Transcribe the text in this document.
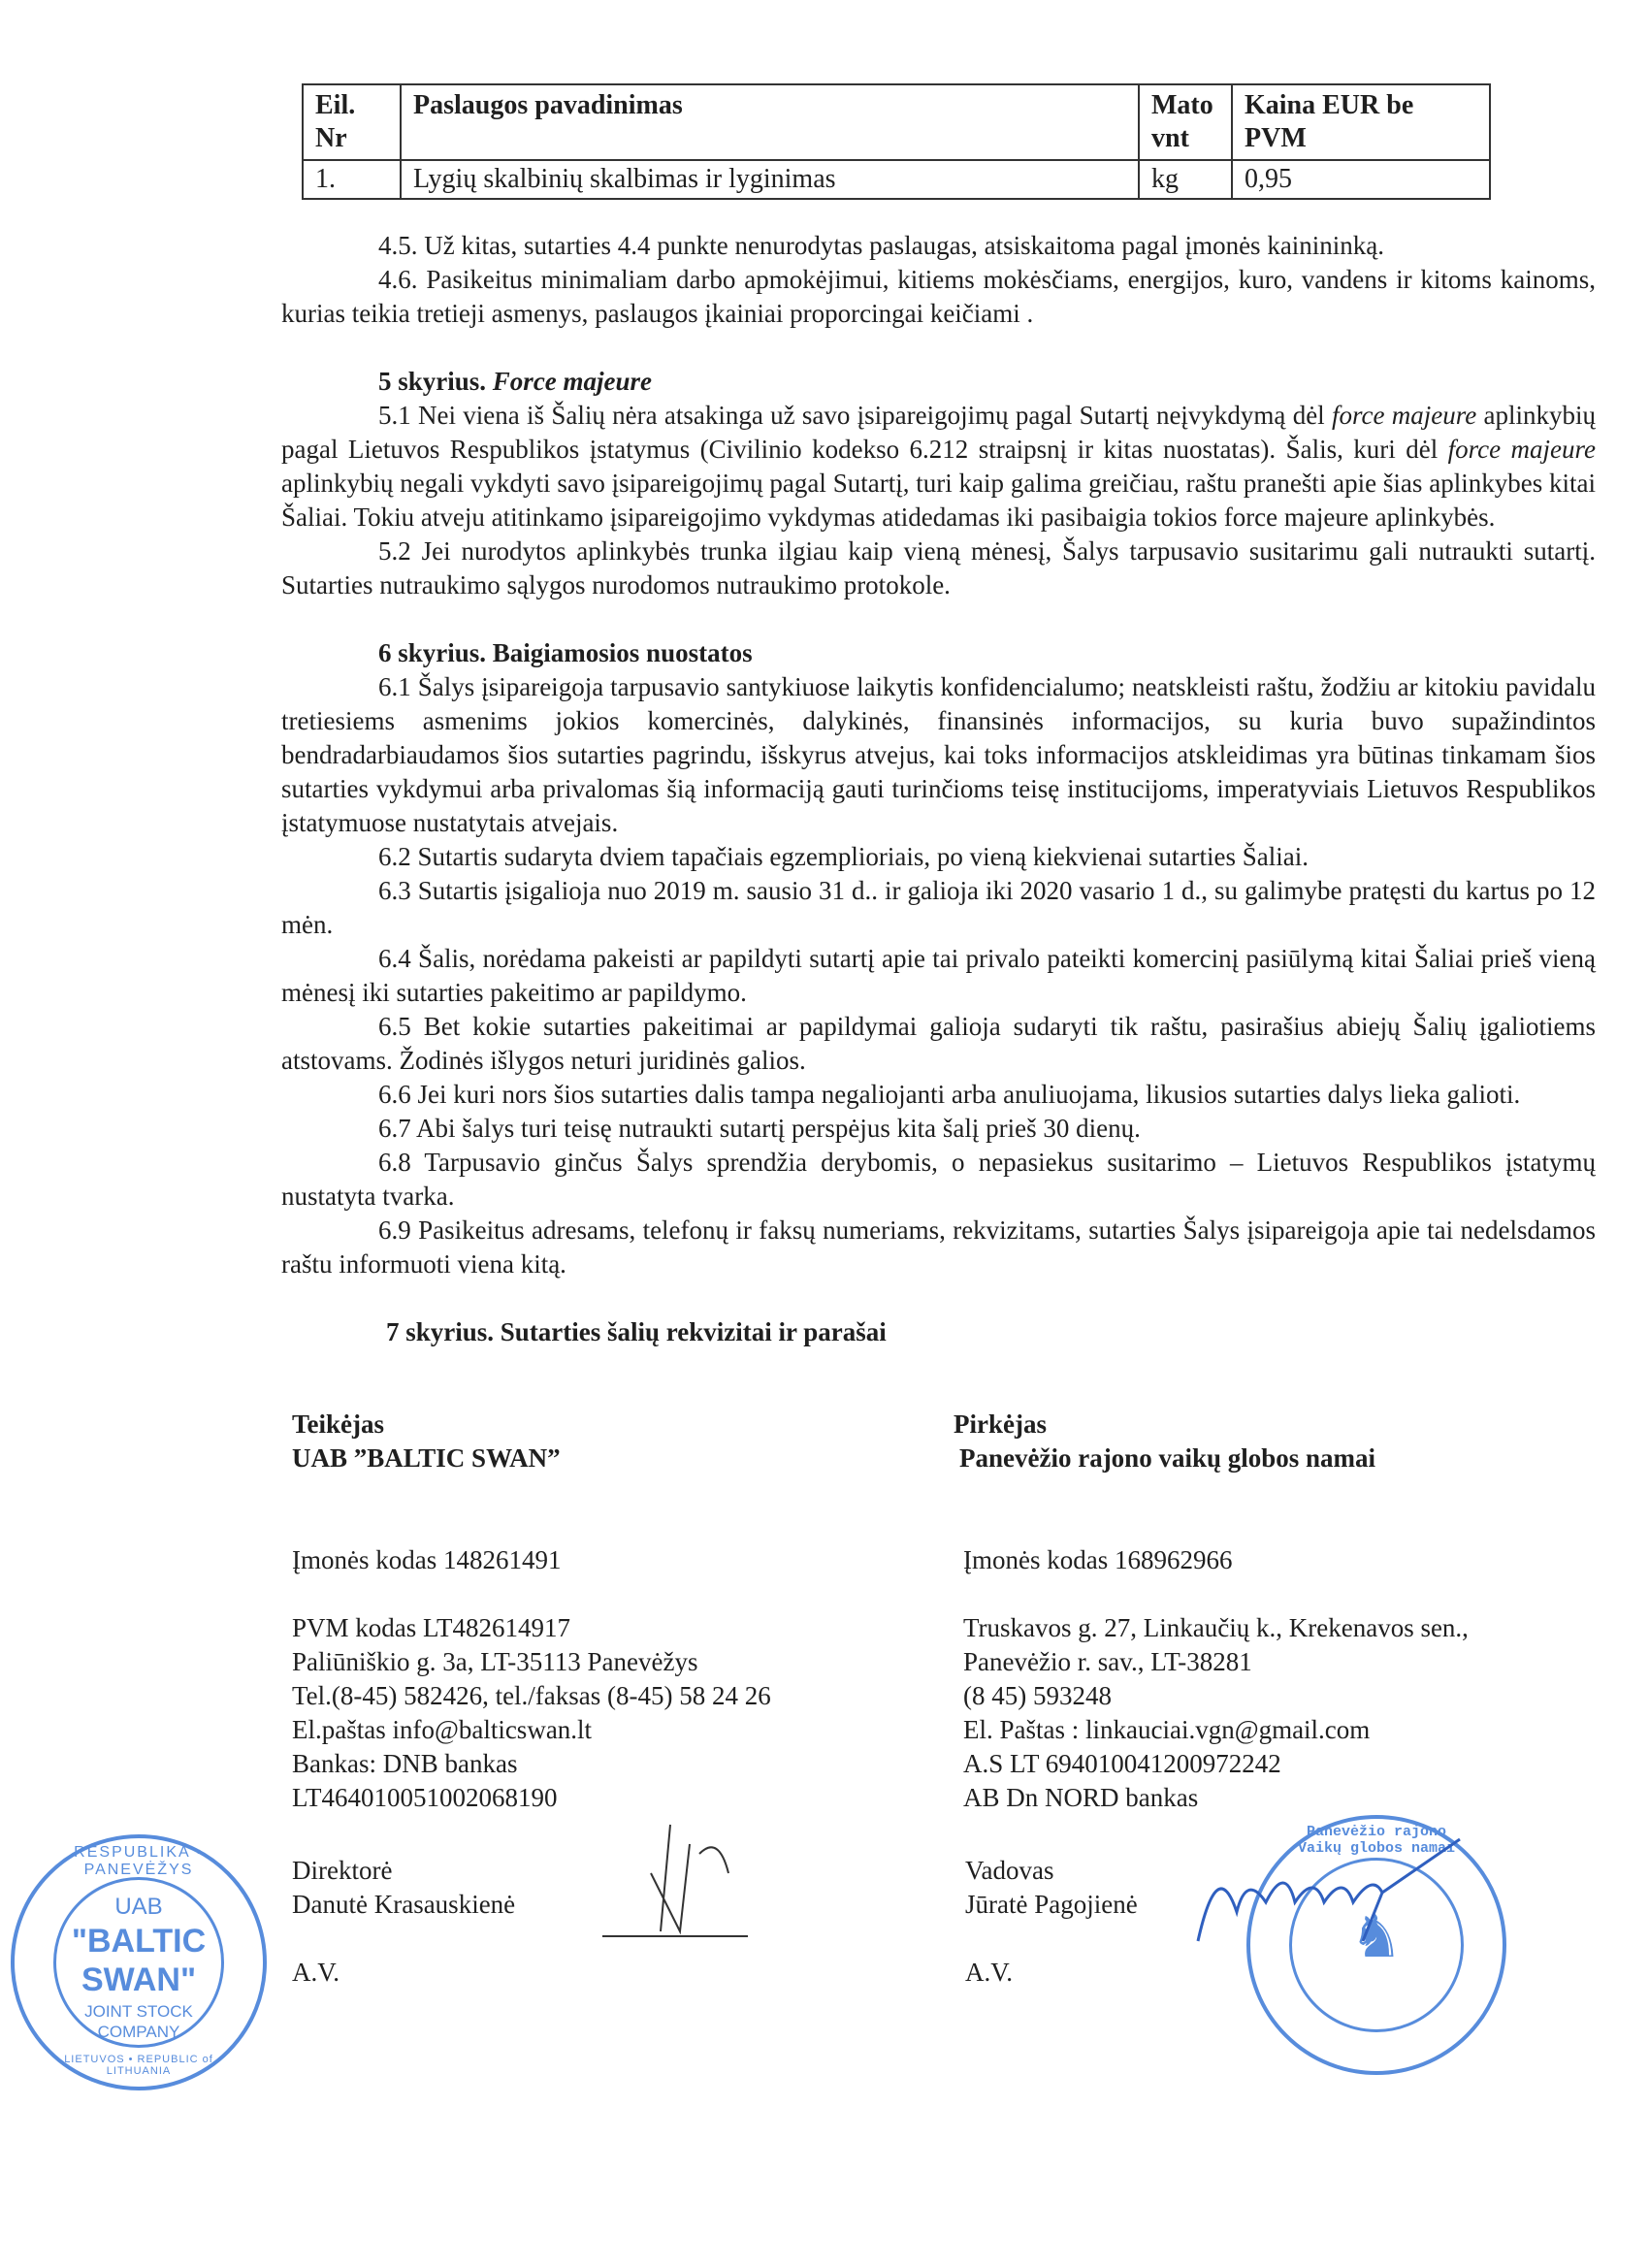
Eil. Nr	Paslaugos pavadinimas	Mato vnt	Kaina EUR be PVM
1.	Lygių skalbinių skalbimas ir lyginimas	kg	0,95

4.5. Už kitas, sutarties 4.4 punkte nenurodytas paslaugas, atsiskaitoma pagal įmonės kainininką.

4.6. Pasikeitus minimaliam darbo apmokėjimui, kitiems mokėsčiams, energijos, kuro, vandens ir kitoms kainoms, kurias teikia tretieji asmenys, paslaugos įkainiai proporcingai keičiami .

5 skyrius. Force majeure

5.1 Nei viena iš Šalių nėra atsakinga už savo įsipareigojimų pagal Sutartį neįvykdymą dėl force majeure aplinkybių pagal Lietuvos Respublikos įstatymus (Civilinio kodekso 6.212 straipsnį ir kitas nuostatas). Šalis, kuri dėl force majeure aplinkybių negali vykdyti savo įsipareigojimų pagal Sutartį, turi kaip galima greičiau, raštu pranešti apie šias aplinkybes kitai Šaliai. Tokiu atveju atitinkamo įsipareigojimo vykdymas atidedamas iki pasibaigia tokios force majeure aplinkybės.

5.2 Jei nurodytos aplinkybės trunka ilgiau kaip vieną mėnesį, Šalys tarpusavio susitarimu gali nutraukti sutartį. Sutarties nutraukimo sąlygos nurodomos nutraukimo protokole.

6 skyrius. Baigiamosios nuostatos

6.1 Šalys įsipareigoja tarpusavio santykiuose laikytis konfidencialumo; neatskleisti raštu, žodžiu ar kitokiu pavidalu tretiesiems asmenims jokios komercinės, dalykinės, finansinės informacijos, su kuria buvo supažindintos bendradarbiaudamos šios sutarties pagrindu, išskyrus atvejus, kai toks informacijos atskleidimas yra būtinas tinkamam šios sutarties vykdymui arba privalomas šią informaciją gauti turinčioms teisę institucijoms, imperatyviais Lietuvos Respublikos įstatymuose nustatytais atvejais.

6.2 Sutartis sudaryta dviem tapačiais egzemplioriais, po vieną kiekvienai sutarties Šaliai.

6.3 Sutartis įsigalioja nuo 2019 m. sausio 31 d.. ir galioja iki 2020 vasario 1 d., su galimybe pratęsti du kartus po 12 mėn.

6.4 Šalis, norėdama pakeisti ar papildyti sutartį apie tai privalo pateikti komercinį pasiūlymą kitai Šaliai prieš vieną mėnesį iki sutarties pakeitimo ar papildymo.

6.5 Bet kokie sutarties pakeitimai ar papildymai galioja sudaryti tik raštu, pasirašius abiejų Šalių įgaliotiems atstovams. Žodinės išlygos neturi juridinės galios.

6.6 Jei kuri nors šios sutarties dalis tampa negaliojanti arba anuliuojama, likusios sutarties dalys lieka galioti.

6.7 Abi šalys turi teisę nutraukti sutartį perspėjus kita šalį prieš 30 dienų.

6.8 Tarpusavio ginčus Šalys sprendžia derybomis, o nepasiekus susitarimo – Lietuvos Respublikos įstatymų nustatyta tvarka.

6.9 Pasikeitus adresams, telefonų ir faksų numeriams, rekvizitams, sutarties Šalys įsipareigoja apie tai nedelsdamos raštu informuoti viena kitą.

7 skyrius. Sutarties šalių rekvizitai ir parašai
Teikėjas
UAB ”BALTIC SWAN”
Įmonės kodas 148261491
PVM kodas LT482614917
Paliūniškio g. 3a, LT-35113 Panevėžys
Tel.(8-45) 582426, tel./faksas (8-45) 58 24 26
El.paštas info@balticswan.lt
Bankas: DNB bankas
LT464010051002068190
RESPUBLIKA • PANEVĖŽYS
UAB
"BALTIC
SWAN"
JOINT STOCK
COMPANY
LIETUVOS • REPUBLIC of LITHUANIA
Direktorė
Danutė Krasauskienė
A.V.
Pirkėjas
Panevėžio rajono vaikų globos namai
Įmonės kodas 168962966
Truskavos g. 27, Linkaučių k., Krekenavos sen.,
Panevėžio r. sav., LT-38281
(8 45) 593248
El. Paštas : linkauciai.vgn@gmail.com
A.S LT 694010041200972242
AB Dn NORD bankas
Vadovas
Jūratė Pagojienė
A.V.
Panevėžio rajono Vaikų globos namai
♞
